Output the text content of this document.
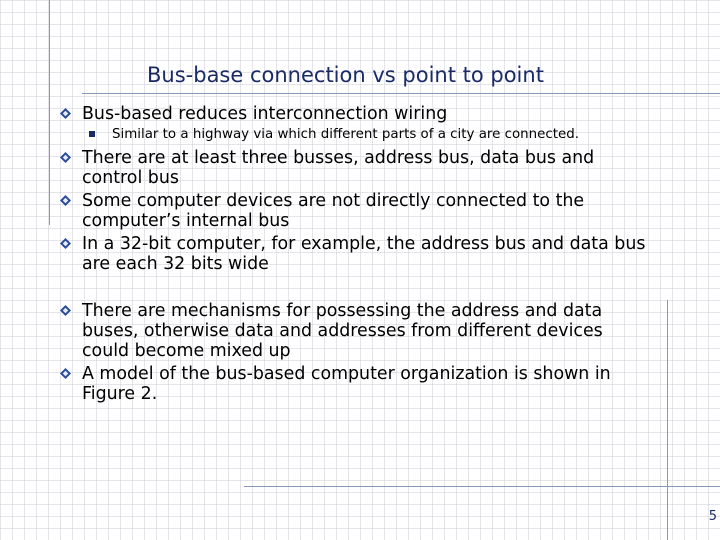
Bus-base connection vs point to point
Bus-based reduces interconnection wiring
Similar to a highway via which different parts of a city are connected.
There are at least three busses, address bus, data bus and
control bus
Some computer devices are not directly connected to the
computer’s internal bus
In a 32-bit computer, for example, the address bus and data bus
are each 32 bits wide
There are mechanisms for possessing the address and data
buses, otherwise data and addresses from different devices
could become mixed up
A model of the bus-based computer organization is shown in
Figure 2.
5
